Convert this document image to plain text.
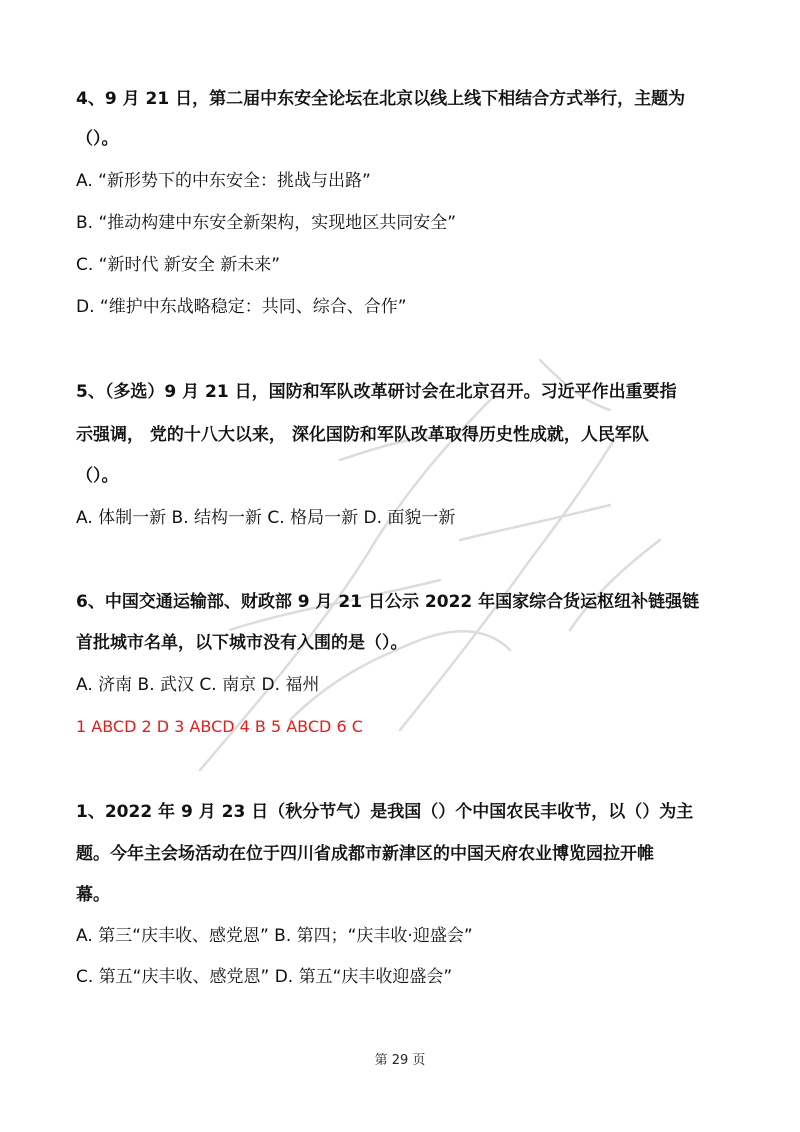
4、9 月 21 日，第二届中东安全论坛在北京以线上线下相结合方式举行，主题为
（）。
A. “新形势下的中东安全：挑战与出路”
B. “推动构建中东安全新架构，实现地区共同安全”
C. “新时代 新安全 新未来”
D. “维护中东战略稳定：共同、综合、合作”
5、（多选）9 月 21 日，国防和军队改革研讨会在北京召开。习近平作出重要指
示强调， 党的十八大以来， 深化国防和军队改革取得历史性成就，人民军队
（）。
A. 体制一新 B. 结构一新 C. 格局一新 D. 面貌一新
6、中国交通运输部、财政部 9 月 21 日公示 2022 年国家综合货运枢纽补链强链
首批城市名单，以下城市没有入围的是（）。
A. 济南 B. 武汉 C. 南京 D. 福州
1 ABCD 2 D 3 ABCD 4 B 5 ABCD 6 C
1、2022 年 9 月 23 日（秋分节气）是我国（）个中国农民丰收节，以（）为主
题。今年主会场活动在位于四川省成都市新津区的中国天府农业博览园拉开帷
幕。
A. 第三“庆丰收、感党恩” B. 第四；“庆丰收·迎盛会”
C. 第五“庆丰收、感党恩” D. 第五“庆丰收迎盛会”
第 29 页
